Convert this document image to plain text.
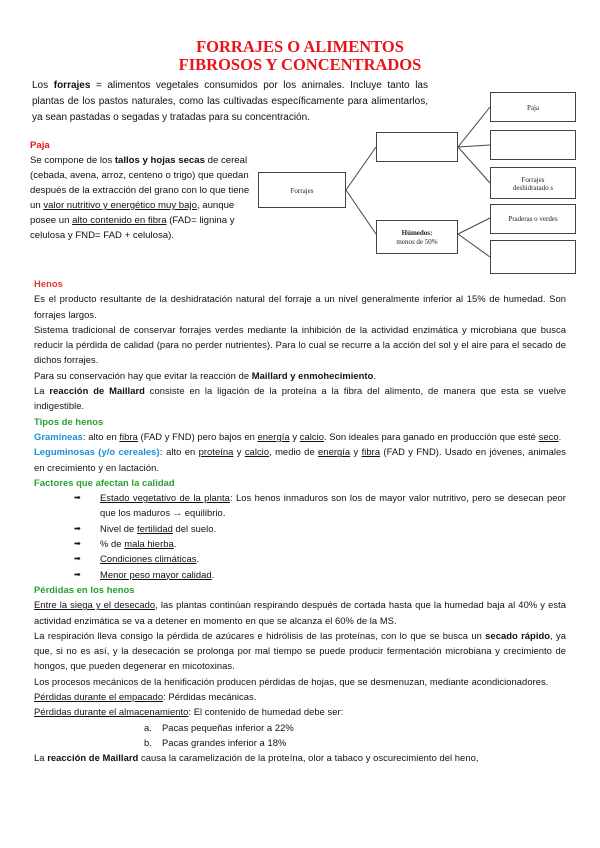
FORRAJES O ALIMENTOS
FIBROSOS Y CONCENTRADOS
Los forrajes = alimentos vegetales consumidos por los animales. Incluye tanto las plantas de los pastos naturales, como las cultivadas específicamente para alimentarlos, ya sean pastadas o segadas y tratadas para su concentración.
Paja
Se compone de los tallos y hojas secas de cereal (cebada, avena, arroz, centeno o trigo) que quedan después de la extracción del grano con lo que tiene un valor nutritivo y energético muy bajo, aunque posee un alto contenido en fibra (FAD= lignina y celulosa y FND= FAD + celulosa).
Forrajes
Húmedos:
menos de 50%
Paja
Forrajes deshidratado s
Praderas o verdes

Henos

Es el producto resultante de la deshidratación natural del forraje a un nivel generalmente inferior al 15% de humedad. Son forrajes largos.

Sistema tradicional de conservar forrajes verdes mediante la inhibición de la actividad enzimática y microbiana que busca reducir la pérdida de calidad (para no perder nutrientes). Para lo cual se recurre a la acción del sol y el aire para el secado de dichos forrajes.

Para su conservación hay que evitar la reacción de Maillard y enmohecimiento.

La reacción de Maillard consiste en la ligación de la proteína a la fibra del alimento, de manera que esta se vuelve indigestible.

Tipos de henos

Gramíneas: alto en fibra (FAD y FND) pero bajos en energía y calcio. Son ideales para ganado en producción que esté seco.

Leguminosas (y/o cereales): alto en proteína y calcio, medio de energía y fibra (FAD y FND). Usado en jóvenes, animales en crecimiento y en lactación.

Factores que afectan la calidad

➡	Estado vegetativo de la planta: Los henos inmaduros son los de mayor valor nutritivo, pero se desecan peor que los maduros → equilibrio.
➡	Nivel de fertilidad del suelo.
➡	% de mala hierba.
➡	Condiciones climáticas.
➡	Menor peso mayor calidad.

Pérdidas en los henos

Entre la siega y el desecado, las plantas continúan respirando después de cortada hasta que la humedad baja al 40% y esta actividad enzimática se va a detener en momento en que se alcanza el 60% de la MS.

La respiración lleva consigo la pérdida de azúcares e hidrólisis de las proteínas, con lo que se busca un secado rápido, ya que, si no es así, y la desecación se prolonga por mal tiempo se puede producir fermentación microbiana y crecimiento de hongos, que pueden degenerar en micotoxinas.

Los procesos mecánicos de la henificación producen pérdidas de hojas, que se desmenuzan, mediante acondicionadores.

Pérdidas durante el empacado: Pérdidas mecánicas.

Pérdidas durante el almacenamiento: El contenido de humedad debe ser:

a. Pacas pequeñas inferior a 22%
b. Pacas grandes inferior a 18%

La reacción de Maillard causa la caramelización de la proteína, olor a tabaco y oscurecimiento del heno,
